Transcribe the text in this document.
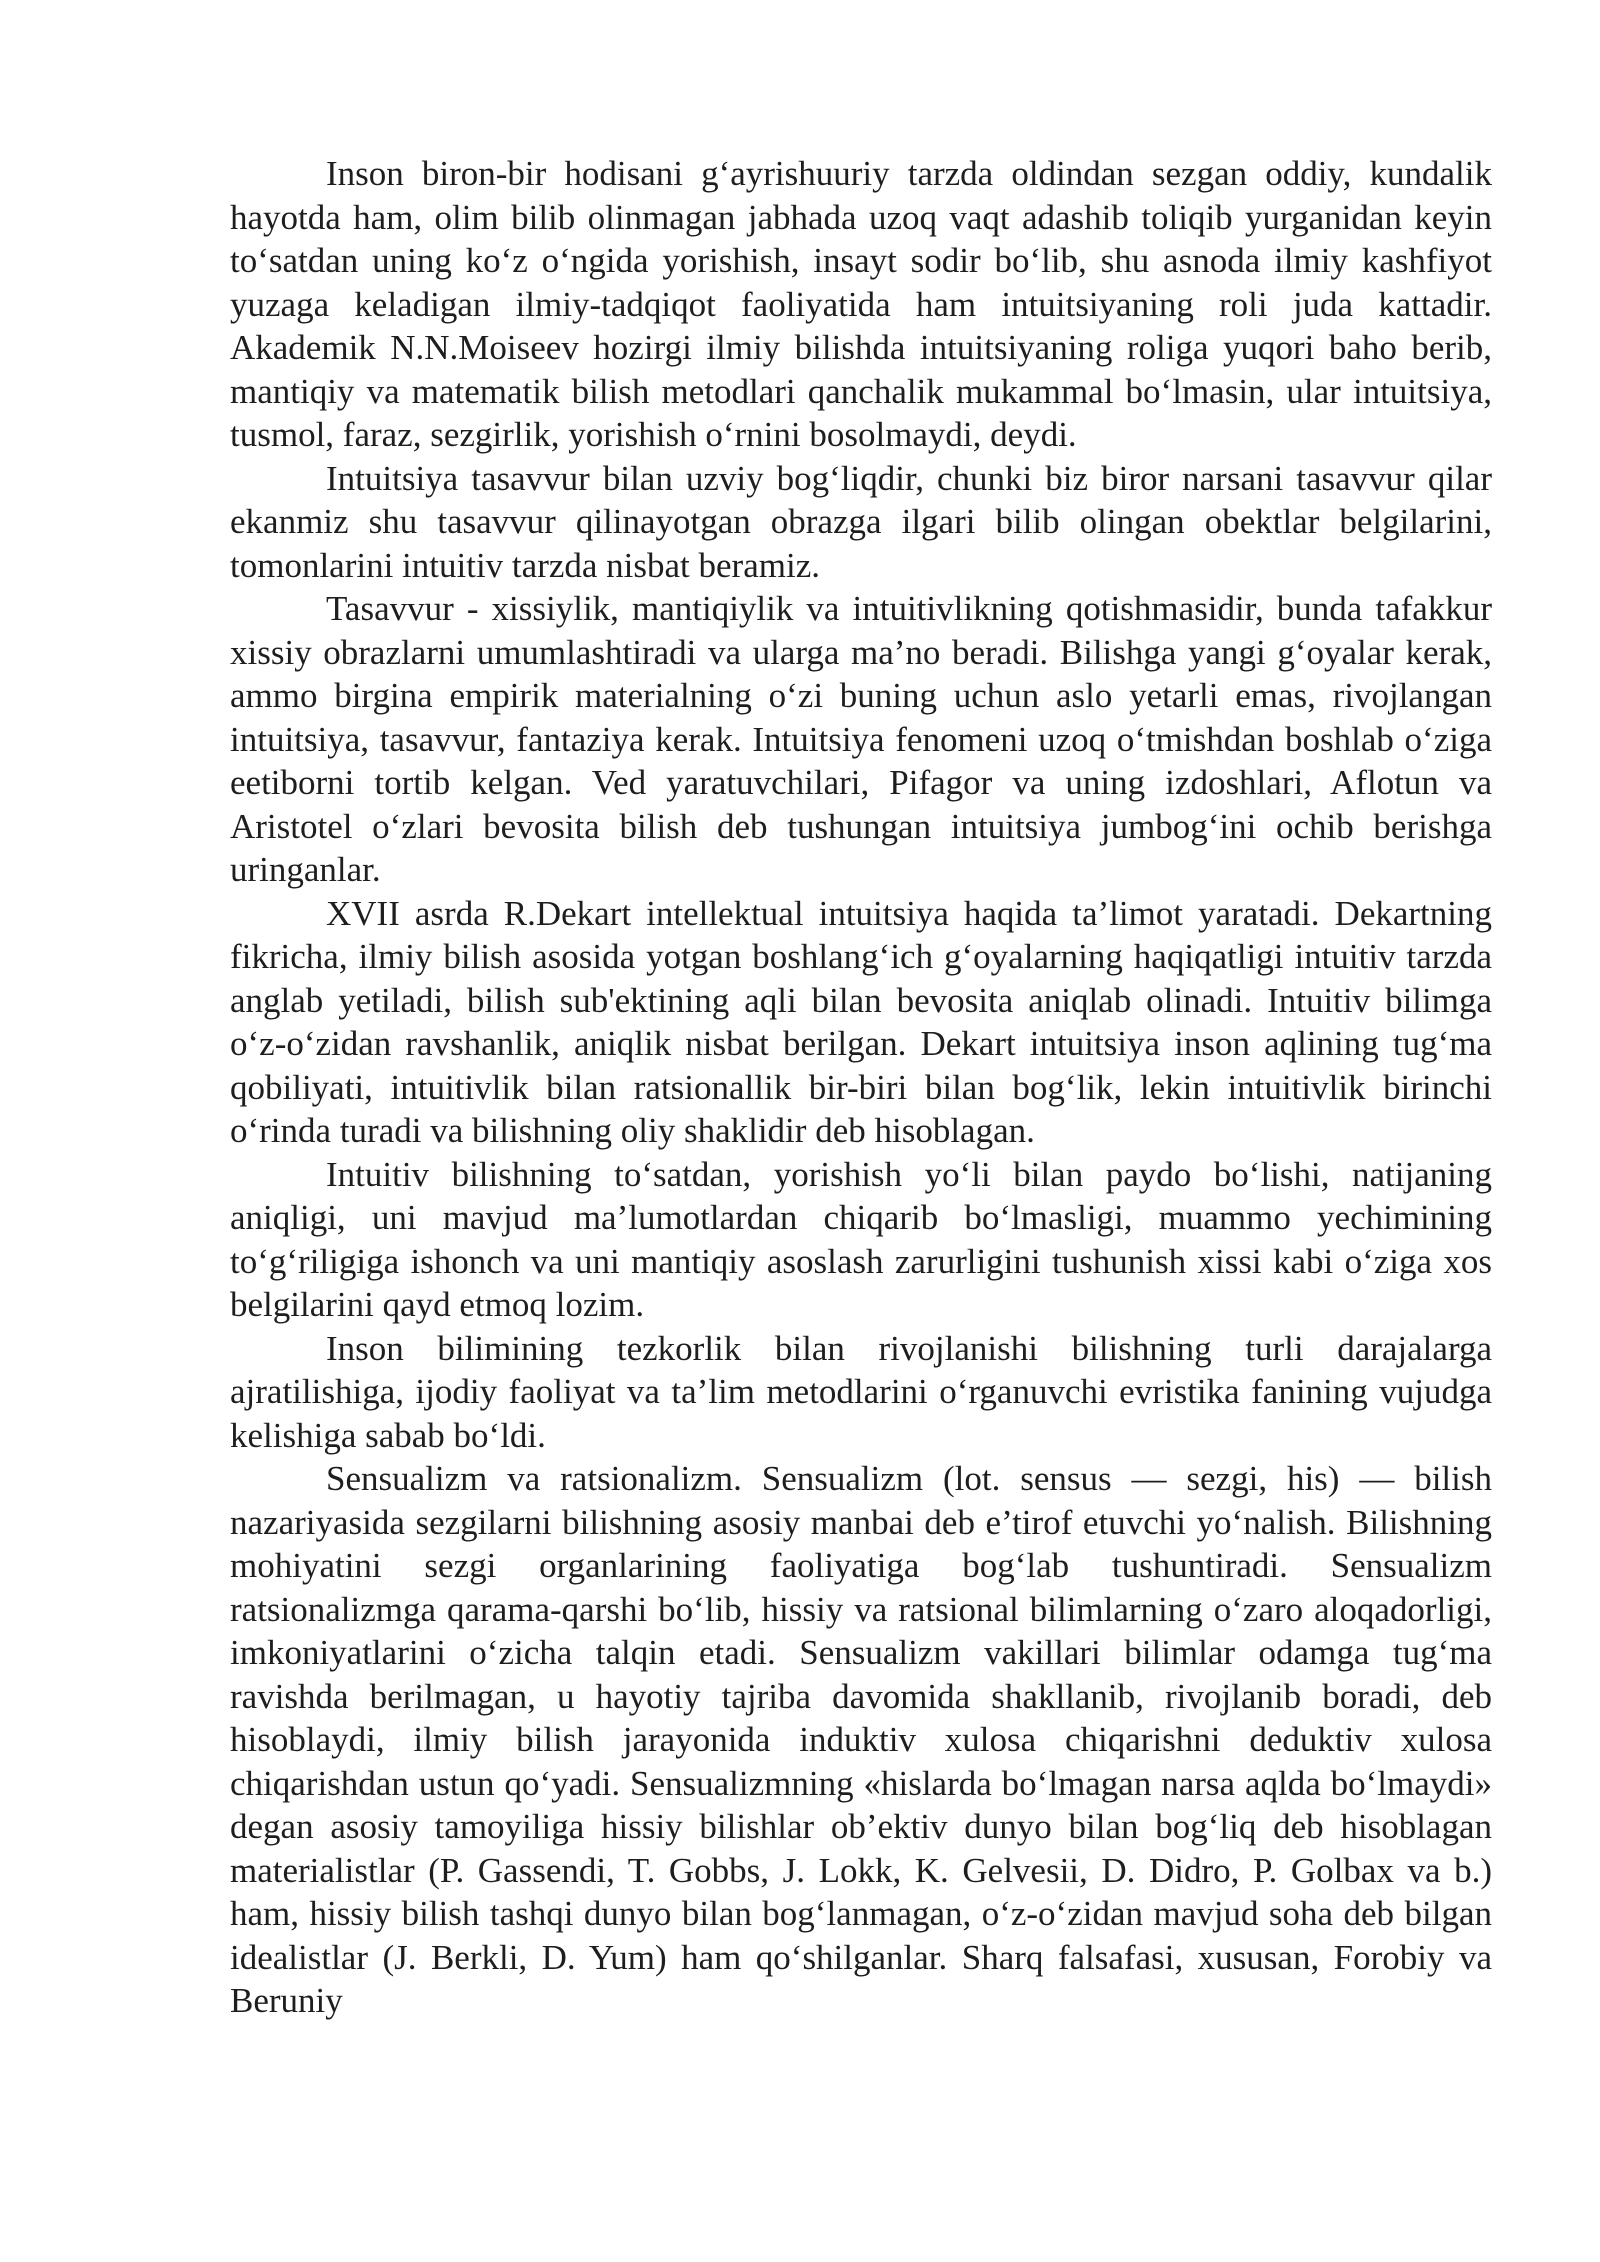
Inson biron-bir hodisani g‘ayrishuuriy tarzda oldindan sezgan oddiy, kundalik hayotda ham, olim bilib olinmagan jabhada uzoq vaqt adashib toliqib yurganidan keyin to‘satdan uning ko‘z o‘ngida yorishish, insayt sodir bo‘lib, shu asnoda ilmiy kashfiyot yuzaga keladigan ilmiy-tadqiqot faoliyatida ham intuitsiyaning roli juda kattadir. Akademik N.N.Moiseev hozirgi ilmiy bilishda intuitsiyaning roliga yuqori baho berib, mantiqiy va matematik bilish metodlari qanchalik mukammal bo‘lmasin, ular intuitsiya, tusmol, faraz, sezgirlik, yorishish o‘rnini bosolmaydi, deydi.

Intuitsiya tasavvur bilan uzviy bog‘liqdir, chunki biz biror narsani tasavvur qilar ekanmiz shu tasavvur qilinayotgan obrazga ilgari bilib olingan obektlar belgilarini, tomonlarini intuitiv tarzda nisbat beramiz.

Tasavvur - xissiylik, mantiqiylik va intuitivlikning qotishmasidir, bunda tafakkur xissiy obrazlarni umumlashtiradi va ularga ma’no beradi. Bilishga yangi g‘oyalar kerak, ammo birgina empirik materialning o‘zi buning uchun aslo yetarli emas, rivojlangan intuitsiya, tasavvur, fantaziya kerak. Intuitsiya fenomeni uzoq o‘tmishdan boshlab o‘ziga eetiborni tortib kelgan. Ved yaratuvchilari, Pifagor va uning izdoshlari, Aflotun va Aristotel o‘zlari bevosita bilish deb tushungan intuitsiya jumbog‘ini ochib berishga uringanlar.

XVII asrda R.Dekart intellektual intuitsiya haqida ta’limot yaratadi. Dekartning fikricha, ilmiy bilish asosida yotgan boshlang‘ich g‘oyalarning haqiqatligi intuitiv tarzda anglab yetiladi, bilish sub'ektining aqli bilan bevosita aniqlab olinadi. Intuitiv bilimga o‘z-o‘zidan ravshanlik, aniqlik nisbat berilgan. Dekart intuitsiya inson aqlining tug‘ma qobiliyati, intuitivlik bilan ratsionallik bir-biri bilan bog‘lik, lekin intuitivlik birinchi o‘rinda turadi va bilishning oliy shaklidir deb hisoblagan.

Intuitiv bilishning to‘satdan, yorishish yo‘li bilan paydo bo‘lishi, natijaning aniqligi, uni mavjud ma’lumotlardan chiqarib bo‘lmasligi, muammo yechimining to‘g‘riligiga ishonch va uni mantiqiy asoslash zarurligini tushunish xissi kabi o‘ziga xos belgilarini qayd etmoq lozim.

Inson bilimining tezkorlik bilan rivojlanishi bilishning turli darajalarga ajratilishiga, ijodiy faoliyat va ta’lim metodlarini o‘rganuvchi evristika fanining vujudga kelishiga sabab bo‘ldi.

Sensualizm va ratsionalizm. Sensualizm (lot. sensus — sezgi, his) — bilish nazariyasida sezgilarni bilishning asosiy manbai deb e’tirof etuvchi yo‘nalish. Bilishning mohiyatini sezgi organlarining faoliyatiga bog‘lab tushuntiradi. Sensualizm ratsionalizmga qarama-qarshi bo‘lib, hissiy va ratsional bilimlarning o‘zaro aloqadorligi, imkoniyatlarini o‘zicha talqin etadi. Sensualizm vakillari bilimlar odamga tug‘ma ravishda berilmagan, u hayotiy tajriba davomida shakllanib, rivojlanib boradi, deb hisoblaydi, ilmiy bilish jarayonida induktiv xulosa chiqarishni deduktiv xulosa chiqarishdan ustun qo‘yadi. Sensualizmning «hislarda bo‘lmagan narsa aqlda bo‘lmaydi» degan asosiy tamoyiliga hissiy bilishlar ob’ektiv dunyo bilan bog‘liq deb hisoblagan materialistlar (P. Gassendi, T. Gobbs, J. Lokk, K. Gelvesii, D. Didro, P. Golbax va b.) ham, hissiy bilish tashqi dunyo bilan bog‘lanmagan, o‘z-o‘zidan mavjud soha deb bilgan idealistlar (J. Berkli, D. Yum) ham qo‘shilganlar. Sharq falsafasi, xususan, Forobiy va Beruniy
